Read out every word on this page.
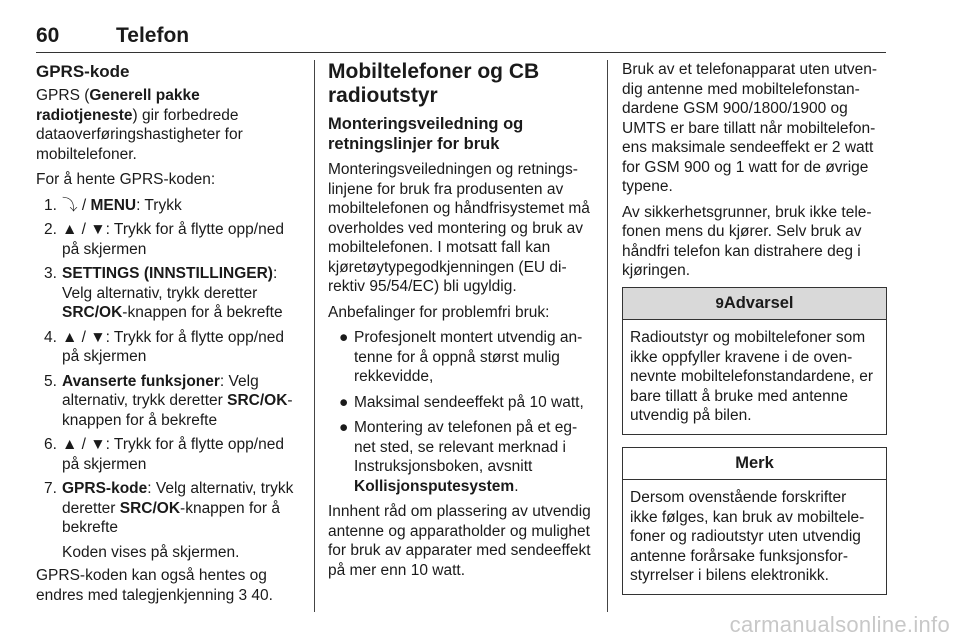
60	Telefon
GPRS-kode

GPRS (Generell pakke radiotjeneste) gir forbedrede dataoverføringshastigheter for mobiltelefoner.

For å hente GPRS-koden:

1. ⤵ / MENU: Trykk
2. ▲ / ▼: Trykk for å flytte opp/ned på skjermen
3. SETTINGS (INNSTILLINGER): Velg alternativ, trykk deretter SRC/OK-knappen for å bekrefte
4. ▲ / ▼: Trykk for å flytte opp/ned på skjermen
5. Avanserte funksjoner: Velg alternativ, trykk deretter SRC/OK-knappen for å bekrefte
6. ▲ / ▼: Trykk for å flytte opp/ned på skjermen
7. GPRS-kode: Velg alternativ, trykk deretter SRC/OK-knappen for å bekrefte

Koden vises på skjermen.

GPRS-koden kan også hentes og endres med talegjenkjenning 3 40.

Mobiltelefoner og CB radioutstyr
Monteringsveiledning og retningslinjer for bruk

Monteringsveiledningen og retningslinjene for bruk fra produsenten av mobiltelefonen og håndfrisystemet må overholdes ved montering og bruk av mobiltelefonen. I motsatt fall kan kjøretøytypegodkjenningen (EU direktiv 95/54/EC) bli ugyldig.

Anbefalinger for problemfri bruk:

● Profesjonelt montert utvendig antenne for å oppnå størst mulig rekkevidde,
● Maksimal sendeeffekt på 10 watt,
● Montering av telefonen på et egnet sted, se relevant merknad i Instruksjonsboken, avsnitt Kollisjonsputesystem.

Innhent råd om plassering av utvendig antenne og apparatholder og mulighet for bruk av apparater med sendeeffekt på mer enn 10 watt.

Bruk av et telefonapparat uten utvendig antenne med mobiltelefonstandardene GSM 900/1800/1900 og UMTS er bare tillatt når mobiltelefonens maksimale sendeeffekt er 2 watt for GSM 900 og 1 watt for de øvrige typene.

Av sikkerhetsgrunner, bruk ikke telefonen mens du kjører. Selv bruk av håndfri telefon kan distrahere deg i kjøringen.

9Advarsel
Radioutstyr og mobiltelefoner som ikke oppfyller kravene i de ovennevnte mobiltelefonstandardene, er bare tillatt å bruke med antenne utvendig på bilen.
Merk
Dersom ovenstående forskrifter ikke følges, kan bruk av mobiltelefoner og radioutstyr uten utvendig antenne forårsake funksjonsforstyrrelser i bilens elektronikk.
carmanualsonline.info
